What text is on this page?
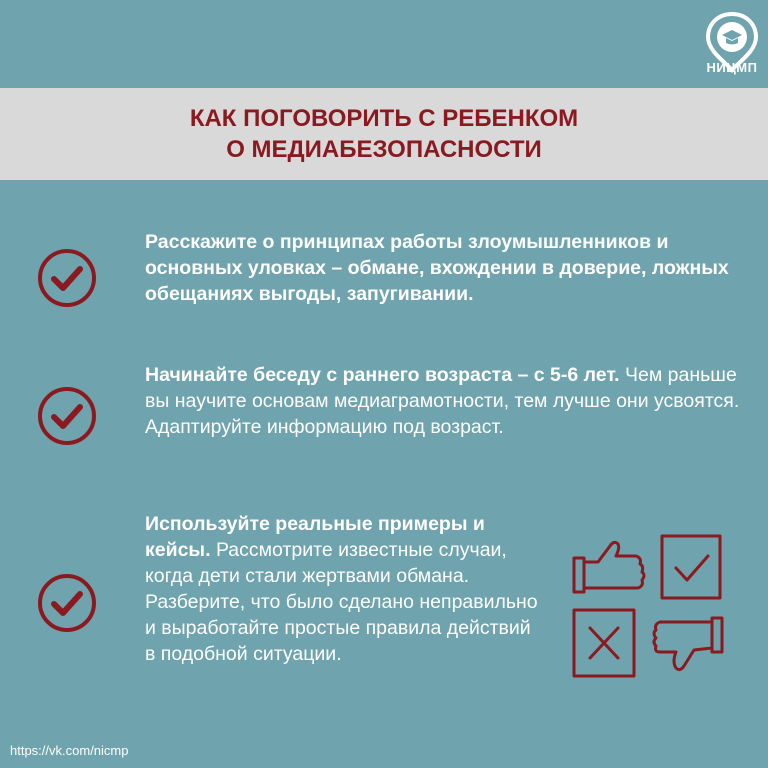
НИЦМП
КАК ПОГОВОРИТЬ С РЕБЕНКОМ
О МЕДИАБЕЗОПАСНОСТИ
Расскажите о принципах работы злоумышленников и основных уловках – обмане, вхождении в доверие, ложных обещаниях выгоды, запугивании.
Начинайте беседу с раннего возраста – с 5-6 лет. Чем раньше вы научите основам медиаграмотности, тем лучше они усвоятся. Адаптируйте информацию под возраст.
Используйте реальные примеры и кейсы. Рассмотрите известные случаи, когда дети стали жертвами обмана. Разберите, что было сделано неправильно и выработайте простые правила действий в подобной ситуации.
https://vk.com/nicmp
